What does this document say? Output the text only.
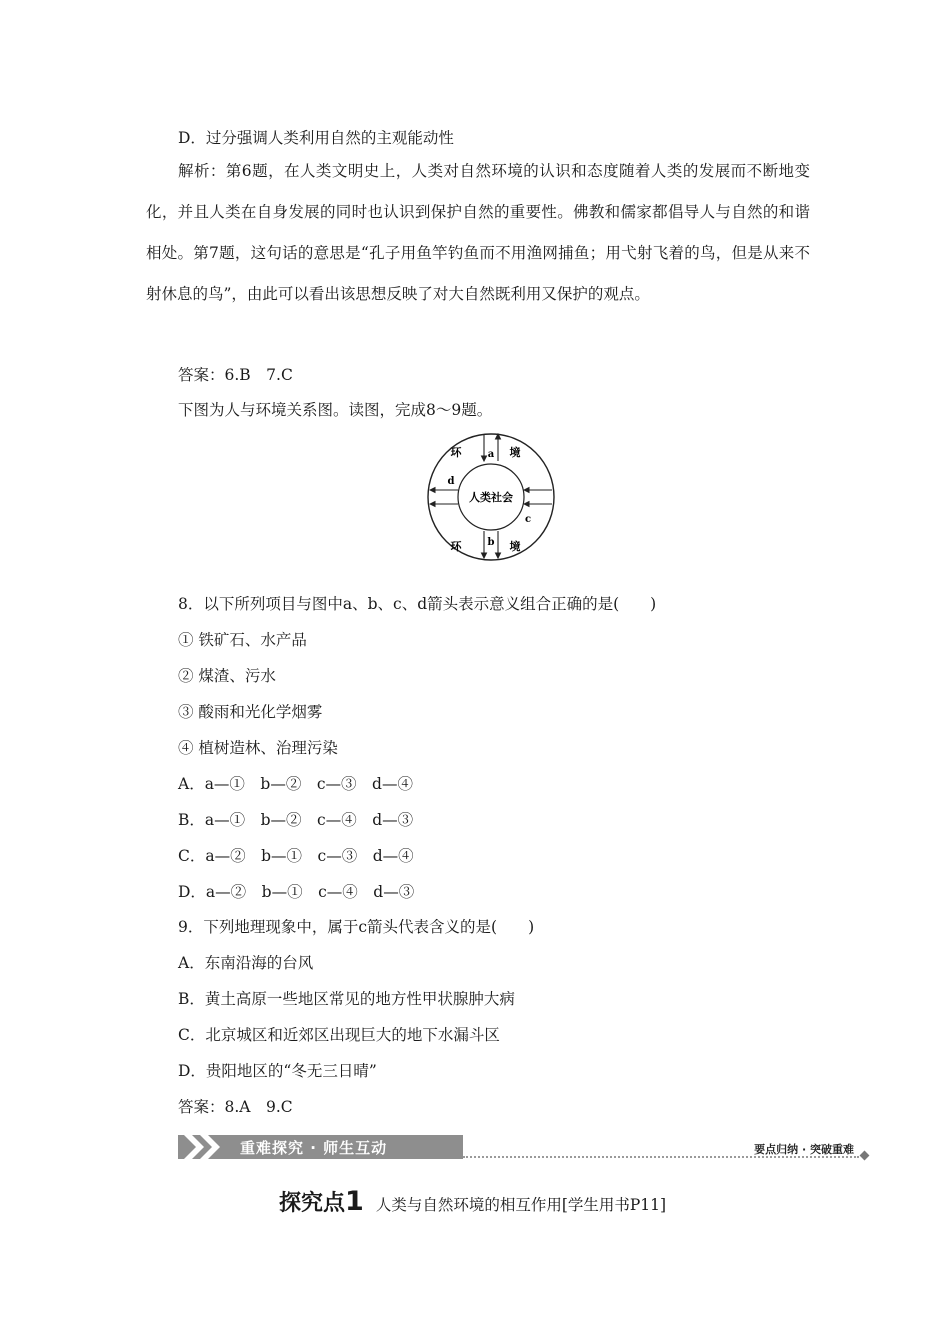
D．过分强调人类利用自然的主观能动性
解析：第6题，在人类文明史上，人类对自然环境的认识和态度随着人类的发展而不断地变化，并且人类在自身发展的同时也认识到保护自然的重要性。佛教和儒家都倡导人与自然的和谐相处。第7题，这句话的意思是“孔子用鱼竿钓鱼而不用渔网捕鱼；用弋射飞着的鸟，但是从来不射休息的鸟”，由此可以看出该思想反映了对大自然既利用又保护的观点。
答案：6.B　7.C
下图为人与环境关系图。读图，完成8～9题。
环	境
环	境
人类社会
a
b
c
d
8．以下所列项目与图中a、b、c、d箭头表示意义组合正确的是(　　)
① 铁矿石、水产品
② 煤渣、污水
③ 酸雨和光化学烟雾
④ 植树造林、治理污染
A．a—①　b—②　c—③　d—④
B．a—①　b—②　c—④　d—③
C．a—②　b—①　c—③　d—④
D．a—②　b—①　c—④　d—③
9．下列地理现象中，属于c箭头代表含义的是(　　)
A．东南沿海的台风
B．黄土高原一些地区常见的地方性甲状腺肿大病
C．北京城区和近郊区出现巨大的地下水漏斗区
D．贵阳地区的“冬无三日晴”
答案：8.A　9.C
重难探究 · 师生互动	要点归纳 · 突破重难
探究点1 人类与自然环境的相互作用[学生用书P11]
